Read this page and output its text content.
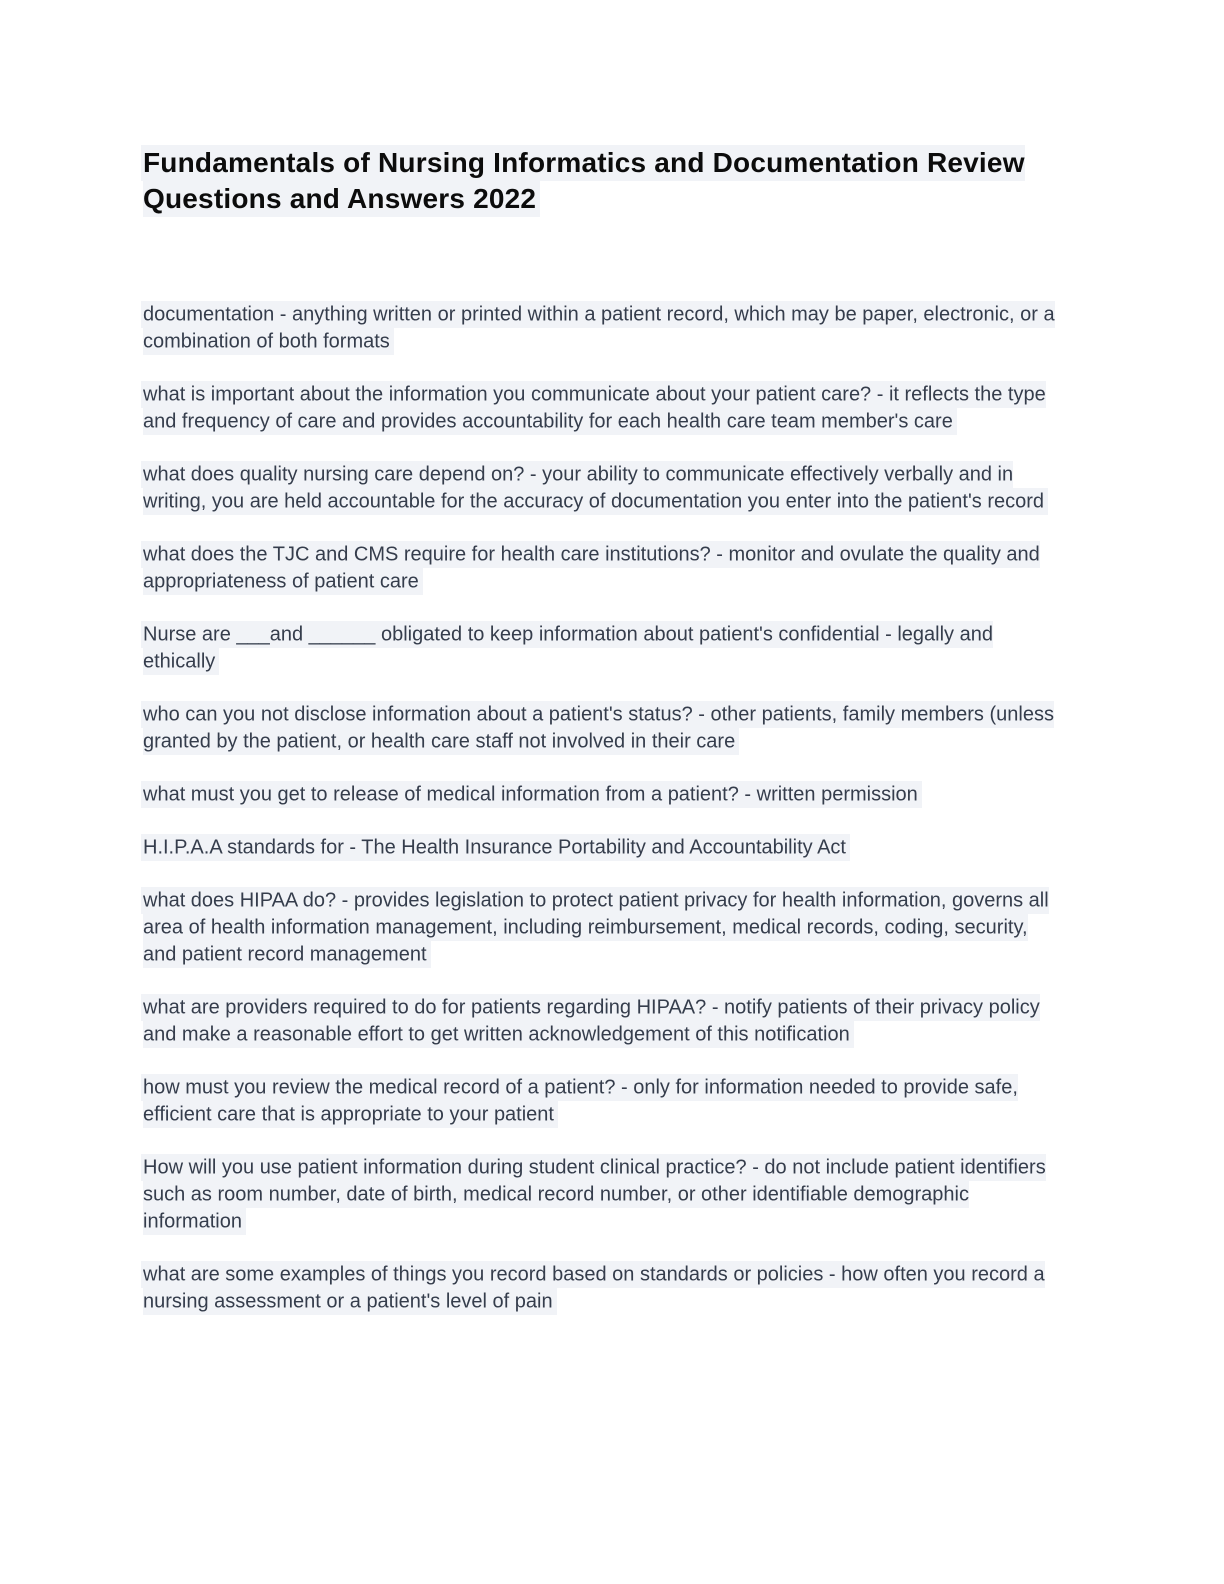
Fundamentals of Nursing Informatics and Documentation Review Questions and Answers 2022

documentation - anything written or printed within a patient record, which may be paper, electronic, or a combination of both formats

what is important about the information you communicate about your patient care? - it reflects the type and frequency of care and provides accountability for each health care team member's care

what does quality nursing care depend on? - your ability to communicate effectively verbally and in writing, you are held accountable for the accuracy of documentation you enter into the patient's record

what does the TJC and CMS require for health care institutions? - monitor and ovulate the quality and appropriateness of patient care

Nurse are ___and ______ obligated to keep information about patient's confidential - legally and ethically

who can you not disclose information about a patient's status? - other patients, family members (unless granted by the patient, or health care staff not involved in their care

what must you get to release of medical information from a patient? - written permission

H.I.P.A.A standards for - The Health Insurance Portability and Accountability Act

what does HIPAA do? - provides legislation to protect patient privacy for health information, governs all area of health information management, including reimbursement, medical records, coding, security, and patient record management

what are providers required to do for patients regarding HIPAA? - notify patients of their privacy policy and make a reasonable effort to get written acknowledgement of this notification

how must you review the medical record of a patient? - only for information needed to provide safe, efficient care that is appropriate to your patient

How will you use patient information during student clinical practice? - do not include patient identifiers such as room number, date of birth, medical record number, or other identifiable demographic information

what are some examples of things you record based on standards or policies - how often you record a nursing assessment or a patient's level of pain
